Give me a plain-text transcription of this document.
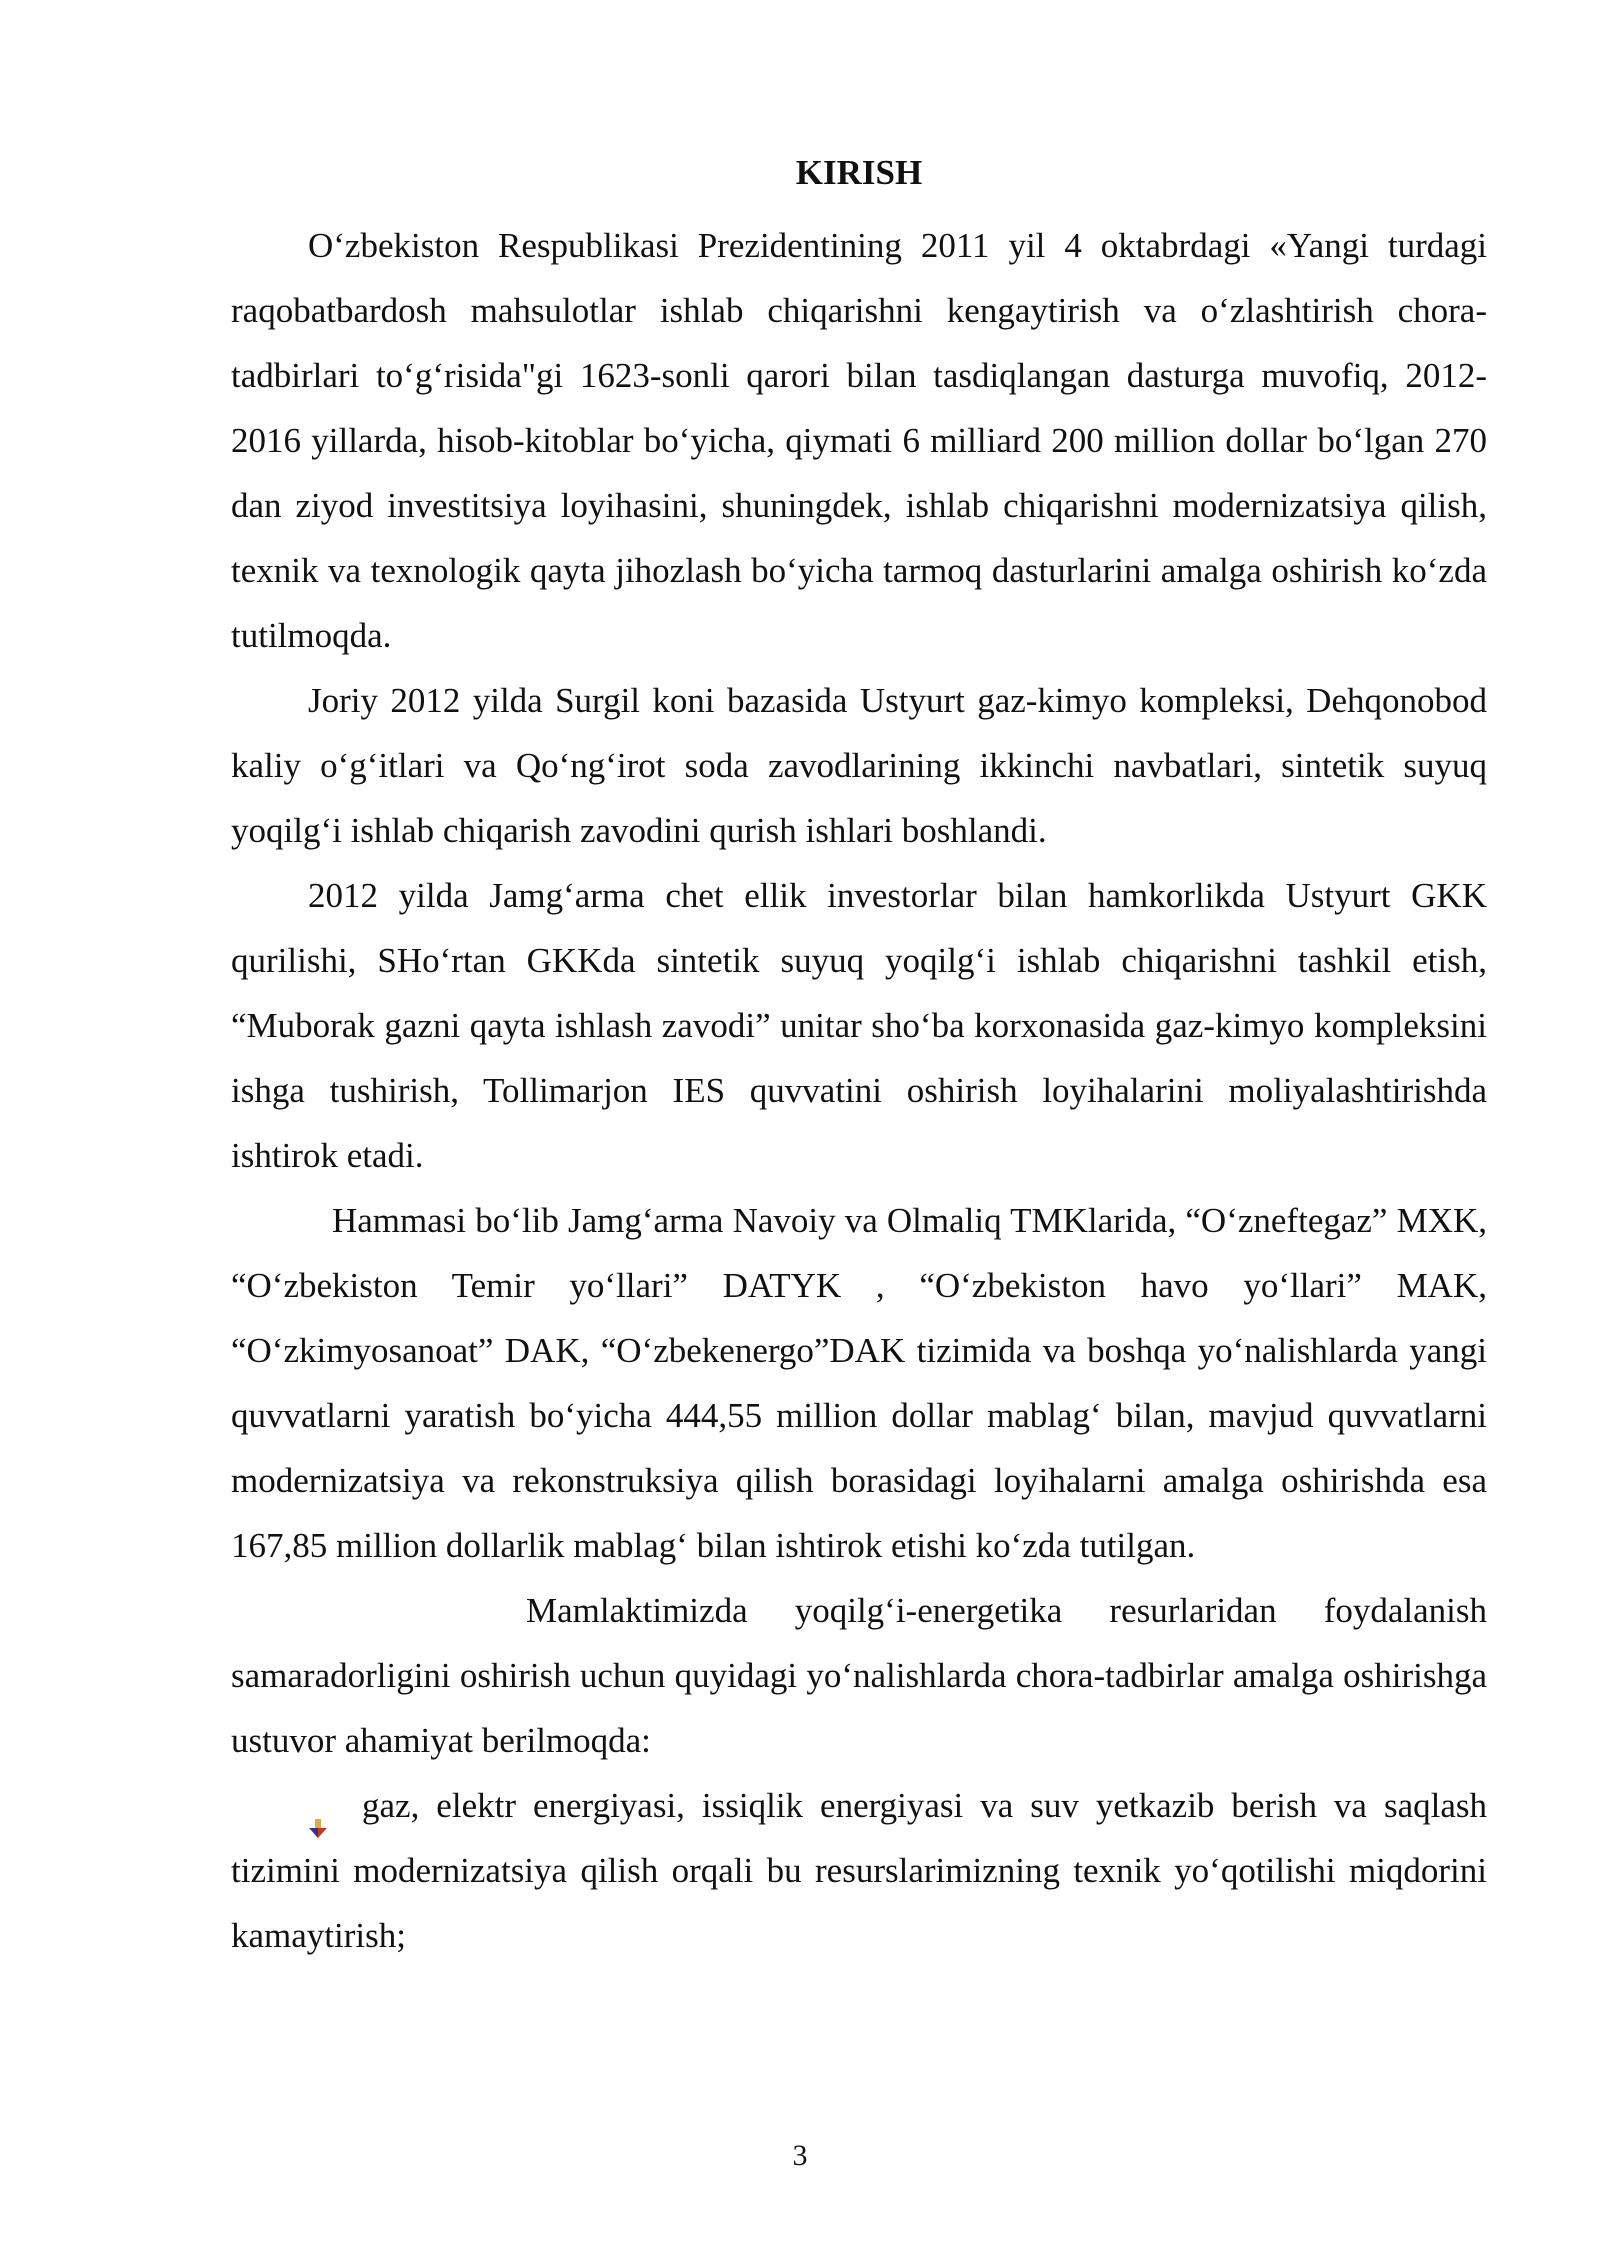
KIRISH

O‘zbekiston Respublikasi Prezidentining 2011 yil 4 oktabrdagi «Yangi turdagi raqobatbardosh mahsulotlar ishlab chiqarishni kengaytirish va o‘zlashtirish chora-tadbirlari to‘g‘risida"gi 1623-sonli qarori bilan tasdiqlangan dasturga muvofiq, 2012-2016 yillarda, hisob-kitoblar bo‘yicha, qiymati 6 milliard 200 million dollar bo‘lgan 270 dan ziyod investitsiya loyihasini, shuningdek, ishlab chiqarishni modernizatsiya qilish, texnik va texnologik qayta jihozlash bo‘yicha tarmoq dasturlarini amalga oshirish ko‘zda tutilmoqda.

Joriy 2012 yilda Surgil koni bazasida Ustyurt gaz-kimyo kompleksi, Dehqonobod kaliy o‘g‘itlari va Qo‘ng‘irot soda zavodlarining ikkinchi navbatlari, sintetik suyuq yoqilg‘i ishlab chiqarish zavodini qurish ishlari boshlandi.

2012 yilda Jamg‘arma chet ellik investorlar bilan hamkorlikda Ustyurt GKK qurilishi, SHo‘rtan GKKda sintetik suyuq yoqilg‘i ishlab chiqarishni tashkil etish, “Muborak gazni qayta ishlash zavodi” unitar sho‘ba korxonasida gaz-kimyo kompleksini ishga tushirish, Tollimarjon IES quvvatini oshirish loyihalarini moliyalashtirishda ishtirok etadi.

Hammasi bo‘lib Jamg‘arma Navoiy va Olmaliq TMKlarida, “O‘zneftegaz” MXK, “O‘zbekiston Temir yo‘llari” DATYK , “O‘zbekiston havo yo‘llari” MAK, “O‘zkimyosanoat” DAK, “O‘zbekenergo”DAK tizimida va boshqa yo‘nalishlarda yangi quvvatlarni yaratish bo‘yicha 444,55 million dollar mablag‘ bilan, mavjud quvvatlarni modernizatsiya va rekonstruksiya qilish borasidagi loyihalarni amalga oshirishda esa 167,85 million dollarlik mablag‘ bilan ishtirok etishi ko‘zda tutilgan.

Mamlaktimizda yoqilg‘i-energetika resurlaridan foydalanish samaradorligini oshirish uchun quyidagi yo‘nalishlarda chora-tadbirlar amalga oshirishga ustuvor ahamiyat berilmoqda:

gaz, elektr energiyasi, issiqlik energiyasi va suv yetkazib berish va saqlash tizimini modernizatsiya qilish orqali bu resurslarimizning texnik yo‘qotilishi miqdorini kamaytirish;

3
